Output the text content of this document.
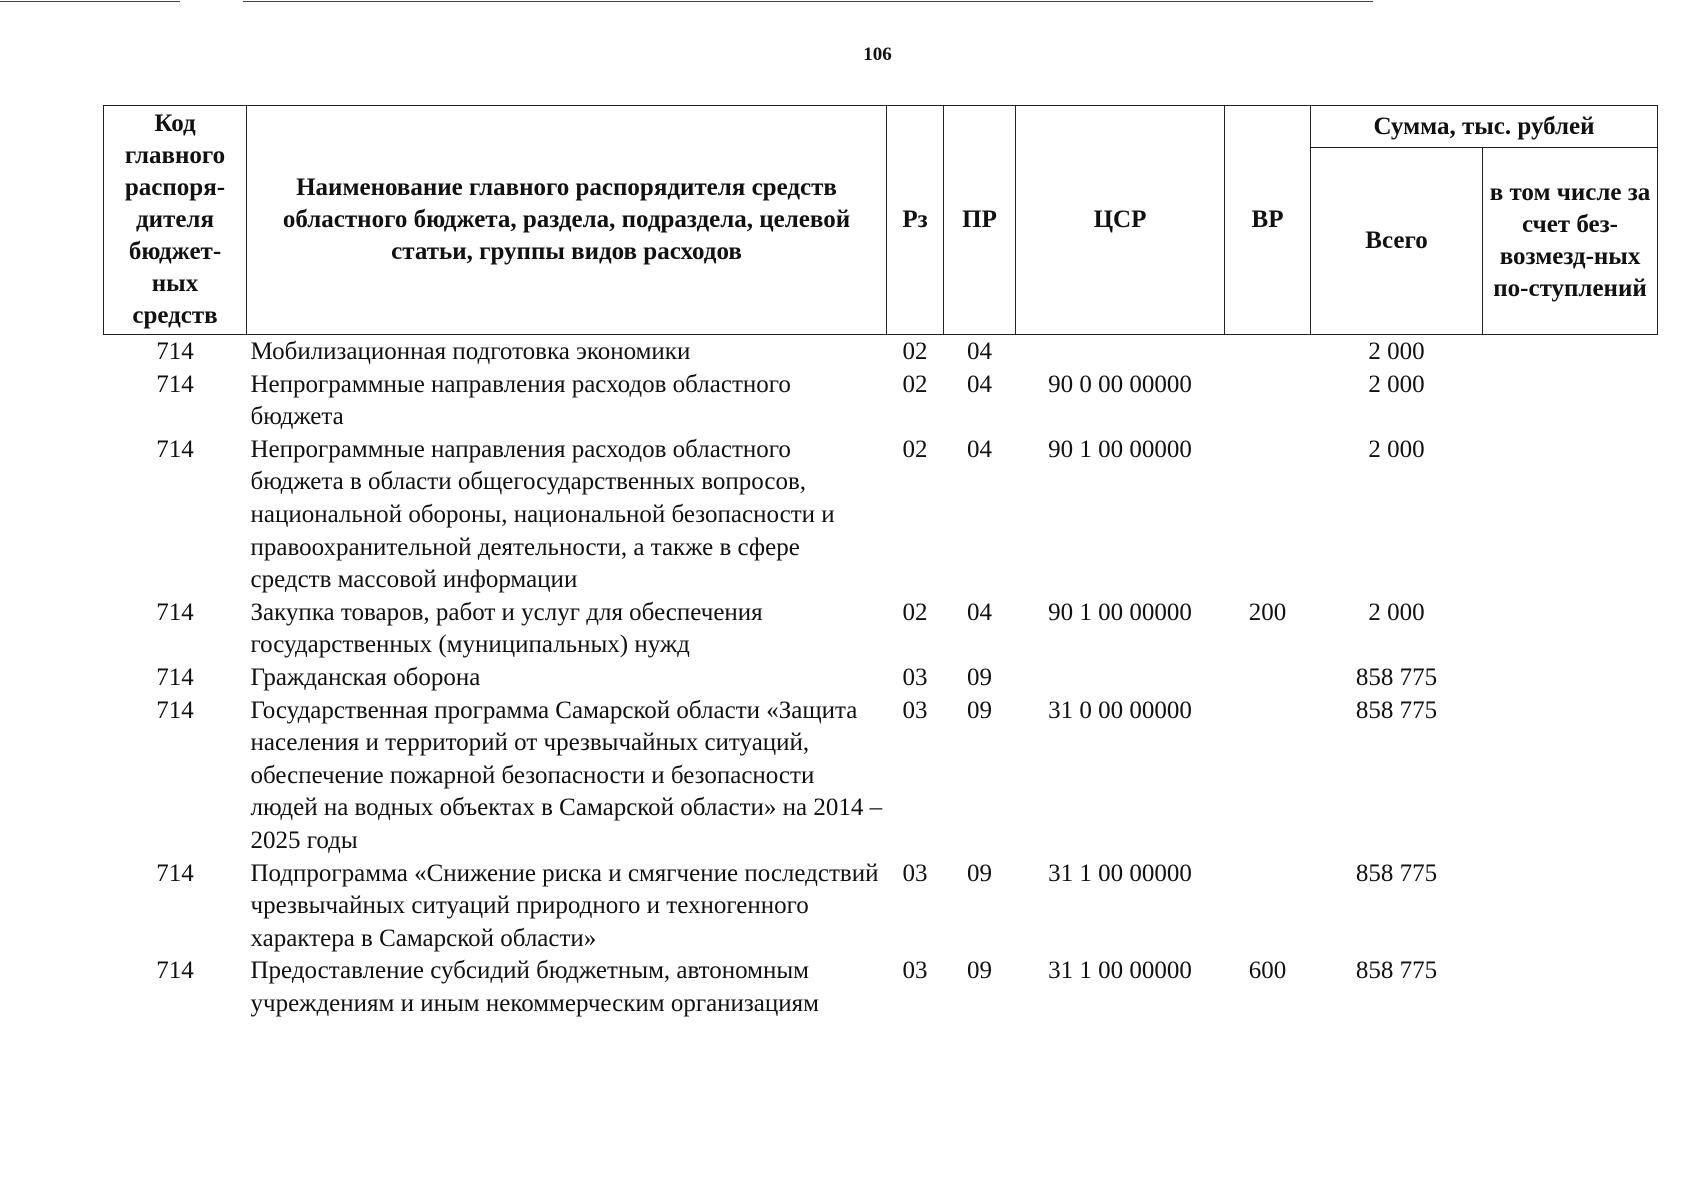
106
Код главного распоря-дителя бюджет-ных средств	Наименование главного распорядителя средств областного бюджета, раздела, подраздела, целевой статьи, группы видов расходов	Рз	ПР	ЦСР	ВР	Сумма, тыс. рублей	
						Всего	в том числе за счет без-возмезд-ных по-ступлений
714	Мобилизационная подготовка экономики	02	04			2 000	
714	Непрограммные направления расходов областного бюджета	02	04	90 0 00 00000		2 000	
714	Непрограммные направления расходов областного бюджета в области общегосударственных вопросов, национальной обороны, национальной безопасности и правоохранительной деятельности, а также в сфере средств массовой информации	02	04	90 1 00 00000		2 000	
714	Закупка товаров, работ и услуг для обеспечения государственных (муниципальных) нужд	02	04	90 1 00 00000	200	2 000	
714	Гражданская оборона	03	09			858 775	
714	Государственная программа Самарской области «Защита населения и территорий от чрезвычайных ситуаций, обеспечение пожарной безопасности и безопасности людей на водных объектах в Самарской области» на 2014 – 2025 годы	03	09	31 0 00 00000		858 775	
714	Подпрограмма «Снижение риска и смягчение последствий чрезвычайных ситуаций природного и техногенного характера в Самарской области»	03	09	31 1 00 00000		858 775	
714	Предоставление субсидий бюджетным, автономным учреждениям и иным некоммерческим организациям	03	09	31 1 00 00000	600	858 775	
